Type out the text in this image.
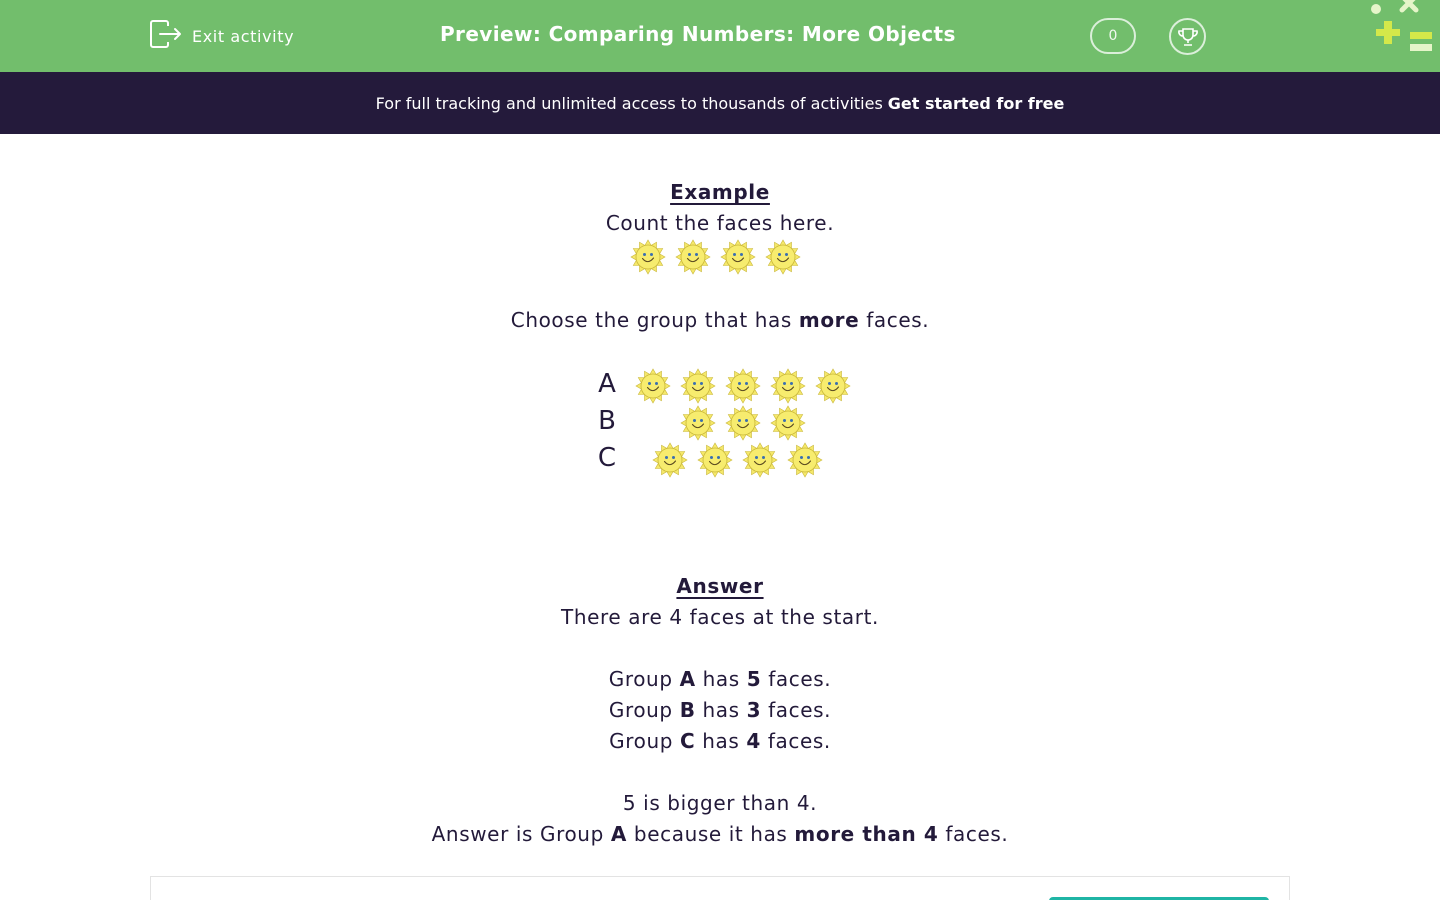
Exit activity	Preview: Comparing Numbers: More Objects	0
For full tracking and unlimited access to thousands of activities Get started for free
Example
Count the faces here.
Choose the group that has more faces.
A
B
C
Answer
There are 4 faces at the start.
Group A has 5 faces.
Group B has 3 faces.
Group C has 4 faces.
5 is bigger than 4.
Answer is Group A because it has more than 4 faces.
